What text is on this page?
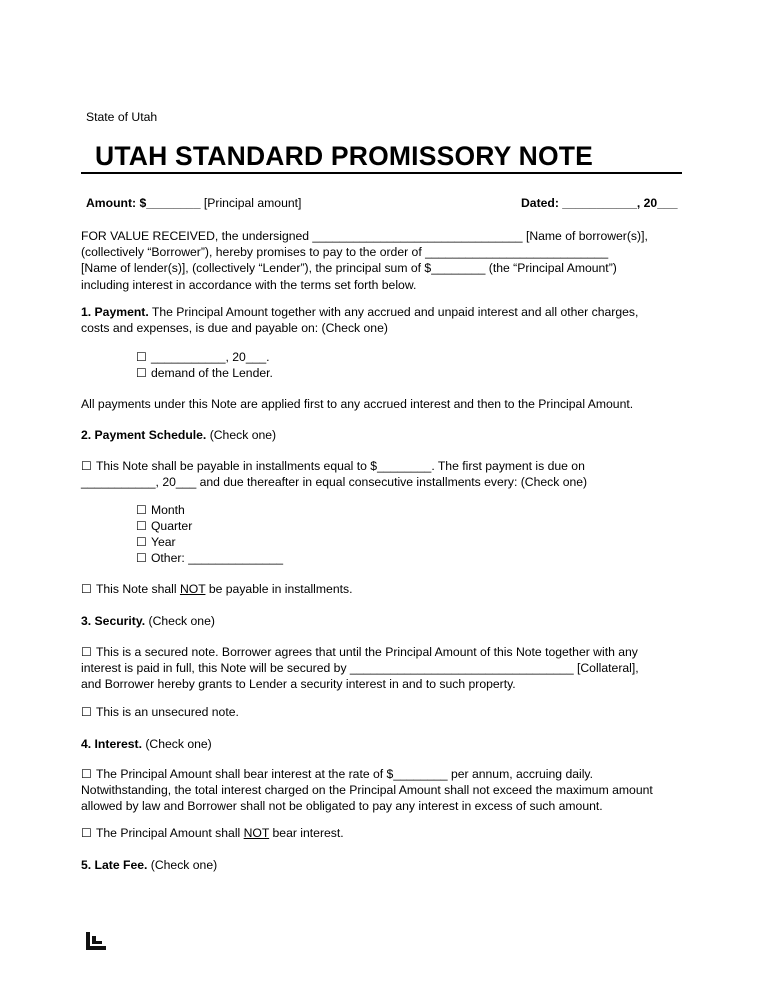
State of Utah
UTAH STANDARD PROMISSORY NOTE
Amount: $________ [Principal amount]	Dated: ___________, 20___
FOR VALUE RECEIVED, the undersigned _______________________________ [Name of borrower(s)],
(collectively “Borrower”), hereby promises to pay to the order of ___________________________
[Name of lender(s)], (collectively “Lender”), the principal sum of $________ (the “Principal Amount”)
including interest in accordance with the terms set forth below.
1. Payment. The Principal Amount together with any accrued and unpaid interest and all other charges,
costs and expenses, is due and payable on: (Check one)
☐ ___________, 20___.
☐ demand of the Lender.
All payments under this Note are applied first to any accrued interest and then to the Principal Amount.
2. Payment Schedule. (Check one)
☐ This Note shall be payable in installments equal to $________. The first payment is due on
___________, 20___ and due thereafter in equal consecutive installments every: (Check one)
☐ Month
☐ Quarter
☐ Year
☐ Other: ______________
☐ This Note shall NOT be payable in installments.
3. Security. (Check one)
☐ This is a secured note. Borrower agrees that until the Principal Amount of this Note together with any
interest is paid in full, this Note will be secured by _________________________________ [Collateral],
and Borrower hereby grants to Lender a security interest in and to such property.
☐ This is an unsecured note.
4. Interest. (Check one)
☐ The Principal Amount shall bear interest at the rate of $________ per annum, accruing daily.
Notwithstanding, the total interest charged on the Principal Amount shall not exceed the maximum amount
allowed by law and Borrower shall not be obligated to pay any interest in excess of such amount.
☐ The Principal Amount shall NOT bear interest.
5. Late Fee. (Check one)
